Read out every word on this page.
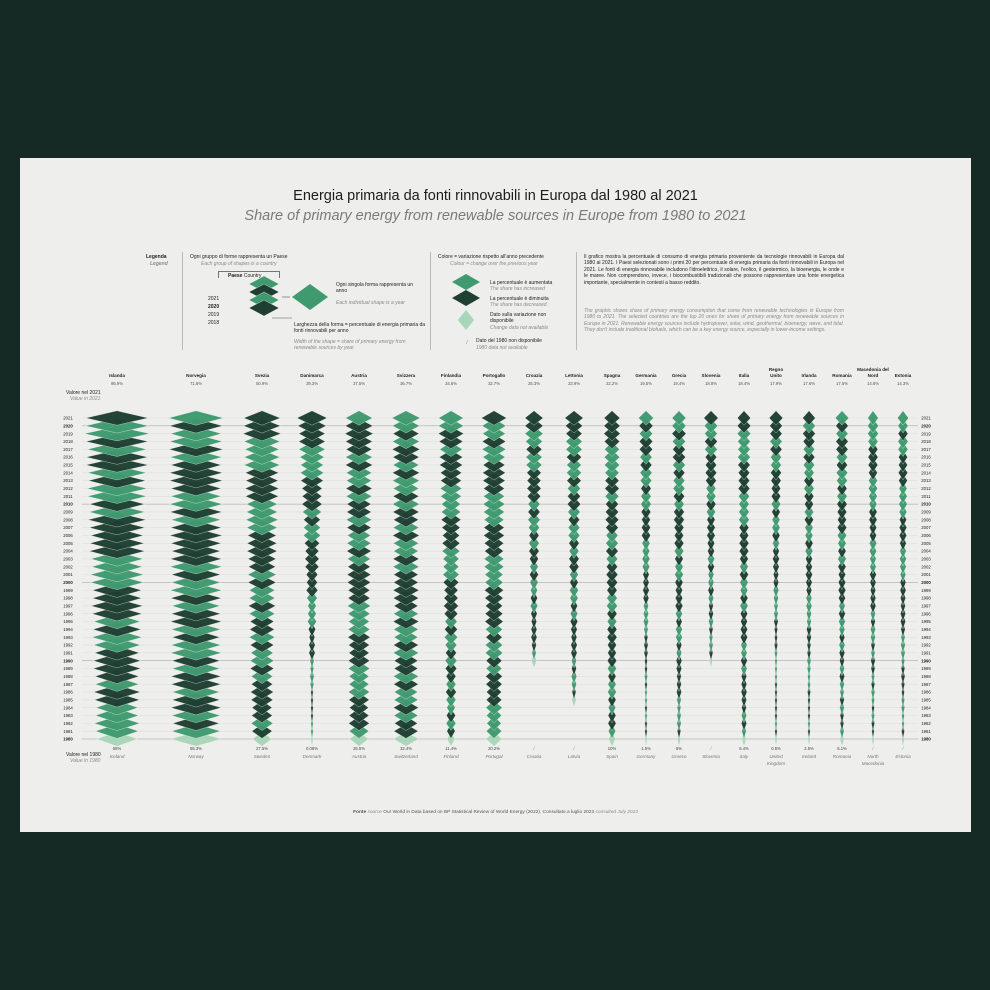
Energia primaria da fonti rinnovabili in Europa dal 1980 al 2021
Share of primary energy from renewable sources in Europe from 1980 to 2021
Legenda
Legend
Ogni gruppo di forme rappresenta un Paese
Each group of shapes is a country
Paese Country
2021
2020
2019
2018
Ogni singola forma rappresenta un anno
Each individual shape is a year
Larghezza della forma = percentuale di energia primaria da fonti rinnovabili per anno
Width of the shape = share of primary energy from renewable sources by year
Colore = variazione rispetto all'anno precedente
Colour = change over the previous year
La percentuale è aumentata
The share has increased
La percentuale è diminuita
The share has decreased
Dato sulla variazione non disponibile
Change data not available
Dato del 1980 non disponibile
1980 data not available
Il grafico mostra la percentuale di consumo di energia primaria proveniente da tecnologie rinnovabili in Europa dal 1980 al 2021. I Paesi selezionati sono i primi 20 per percentuale di energia primaria da fonti rinnovabili in Europa nel 2021. Le fonti di energia rinnovabile includono l'idroelettrico, il solare, l'eolico, il geotermico, la bioenergia, le onde e le maree. Non comprendono, invece, i biocombustibili tradizionali che possono rappresentare una fonte energetica importante, specialmente in contesti a basso reddito.
The graphic shows share of primary energy consumption that come from renewable technologies in Europe from 1980 to 2021. The selected countries are the top 20 ones for share of primary energy from renewable sources in Europe in 2021. Renewable energy sources include hydropower, solar, wind, geothermal, bioenergy, wave, and tidal. They don't include traditional biofuels, which can be a key energy source, especially in lower-income settings.
Valore nel 2021
Value in 2021
Valore nel 1980
Value in 1980
/
2021	2021
2020	2020
2019	2019
2018	2018
2017	2017
2016	2016
2015	2015
2014	2014
2013	2013
2012	2012
2011	2011
2010	2010
2009	2009
2008	2008
2007	2007
2006	2006
2005	2005
2004	2004
2003	2003
2002	2002
2001	2001
2000	2000
1999	1999
1998	1998
1997	1997
1996	1996
1995	1995
1994	1994
1993	1993
1992	1992
1991	1991
1990	1990
1989	1989
1988	1988
1987	1987
1986	1986
1985	1985
1984	1984
1983	1983
1982	1982
1981	1981
1980	1980
Islanda
86.9%
58%
Iceland
Norvegia
71.6%
65.3%
Norway
Svezia
50.9%
27.5%
Sweden
Danimarca
39.3%
0.06%
Denmark
Austria
37.5%
26.5%
Austria
Svizzera
36.7%
32.4%
Switzerland
Finlandia
34.6%
11.4%
Finland
Portogallo
32.7%
20.2%
Portugal
Croazia
25.3%
/
Croatia
Lettonia
23.9%
/
Latvia
Spagna
22.2%
10%
Spain
Germania
19.5%
1.5%
Germany
Grecia
19.4%
5%
Greece
Slovenia
18.8%
/
Slovenia
Italia
18.4%
6.4%
Italy
Regno
Unito
17.9%
0.5%
United
Kingdom
Irlanda
17.6%
2.5%
Ireland
Romania
17.5%
5.1%
Romania
Macedonia del
Nord
14.8%
/
North
Macedonia
Estonia
14.3%
/
Estonia
Fonte source Our World in Data based on BP Statistical Review of World Energy (2022). Consultato a luglio 2023 consulted July 2023
